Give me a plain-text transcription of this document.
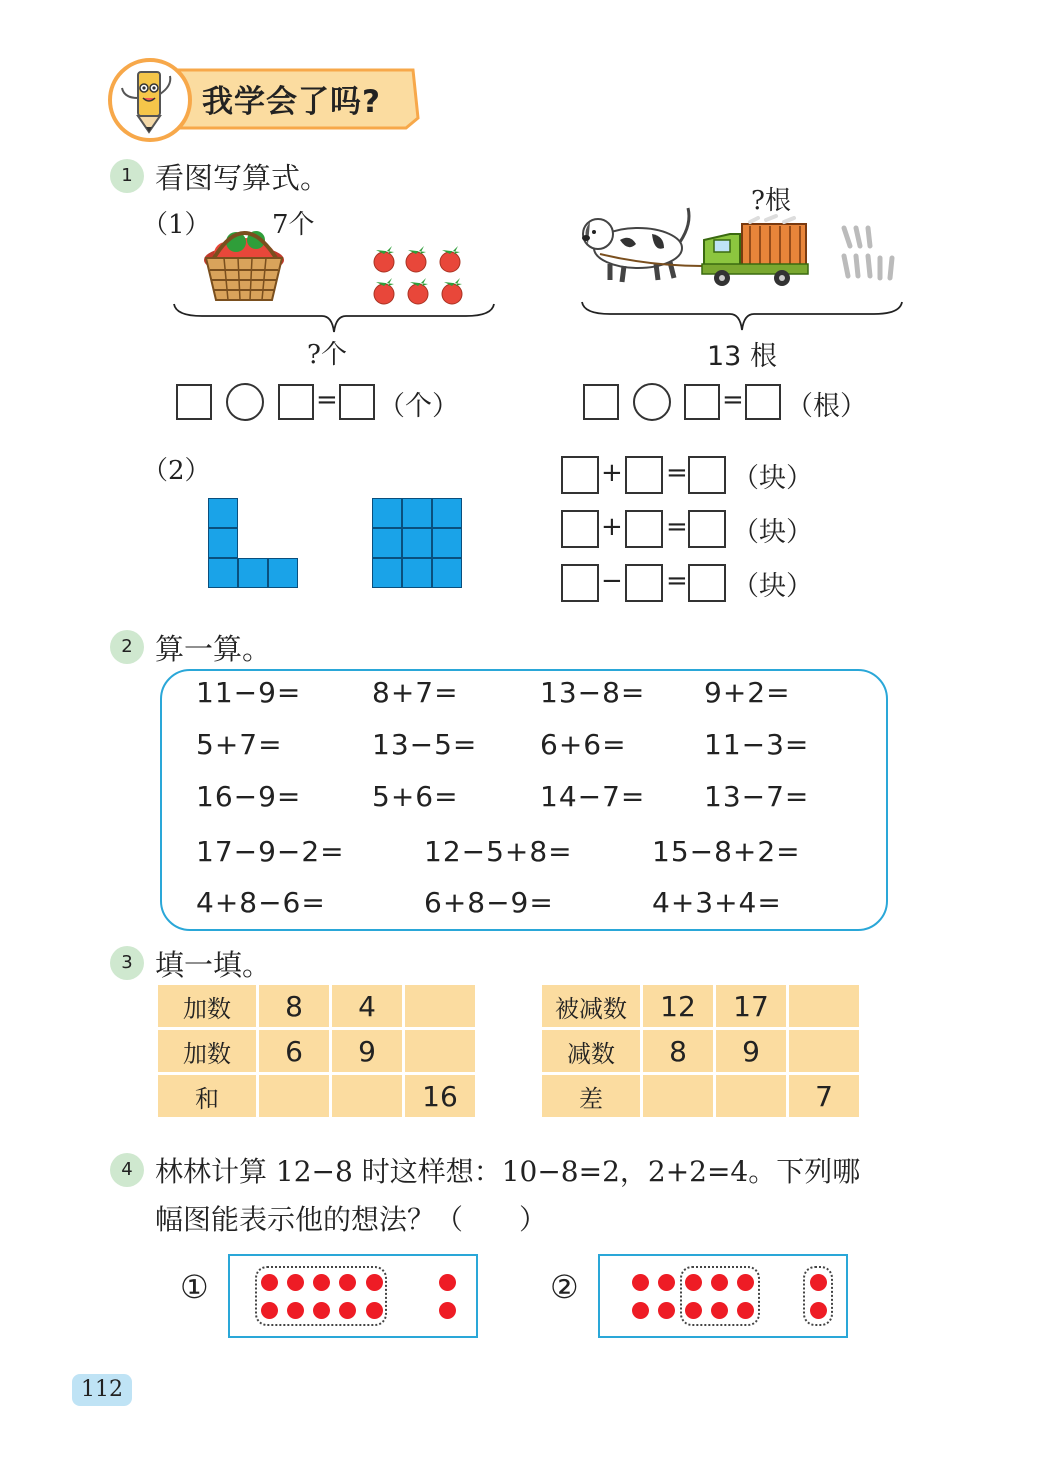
我学会了吗?
1 看图写算式。
（1） 7个
?个
= （个）
?根
13 根
= （根）
（2）	+ = （块）
+ = （块）
− = （块）
2 算一算。
11−9=	8+7=	13−8= 9+2=
5+7=	13−5= 6+6=	11−3=
16−9=	5+6=	14−7= 13−7=
17−9−2=	12−5+8=	15−8+2=
4+8−6=	6+8−9=	4+3+4=
3 填一填。
加数	8	4	
加数	6	9	
和			16
被减数	12	17	
减数	8	9	
差			7
4 林林计算 12−8 时这样想：10−8=2，2+2=4。下列哪
幅图能表示他的想法？（　　）
①	②
112
